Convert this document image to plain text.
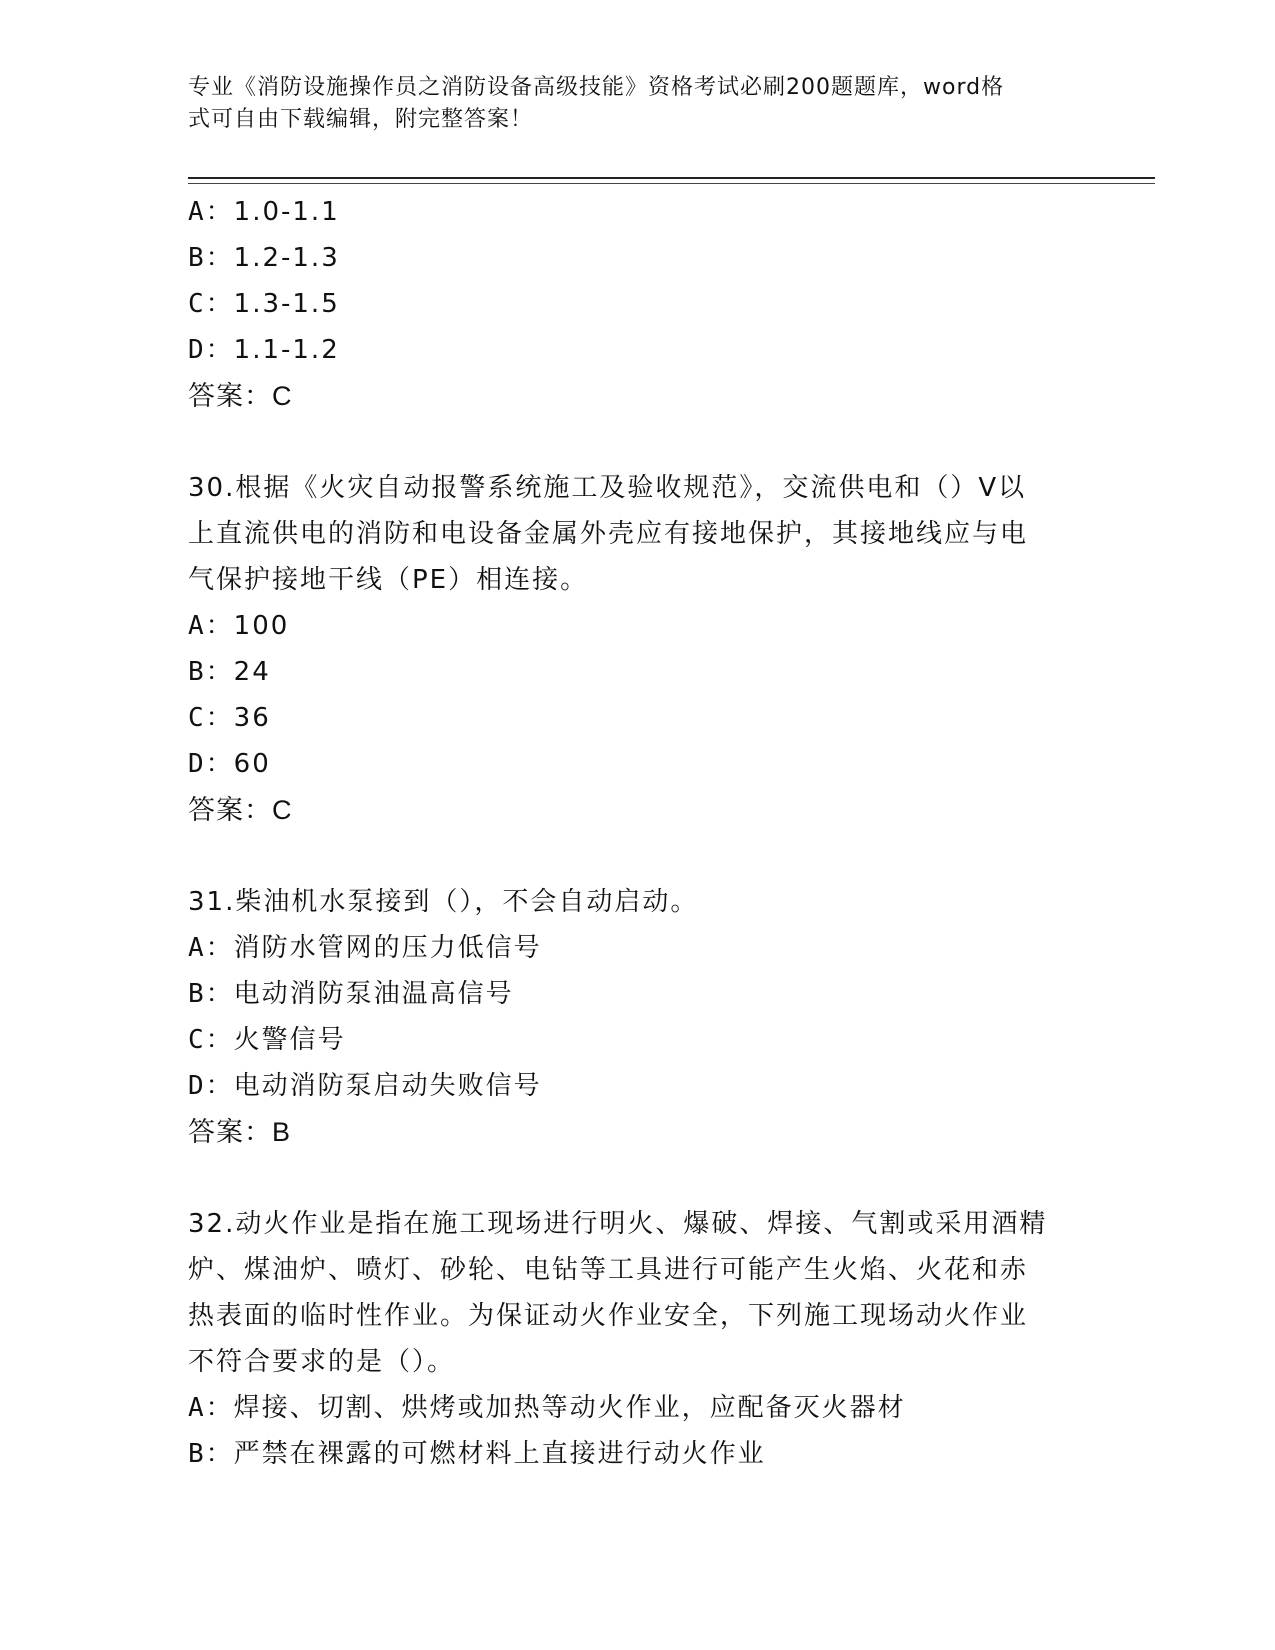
专业《消防设施操作员之消防设备高级技能》资格考试必刷200题题库，word格
式可自由下载编辑，附完整答案！
A：1.0-1.1
B：1.2-1.3
C：1.3-1.5
D：1.1-1.2
答案：C
30.根据《火灾自动报警系统施工及验收规范》，交流供电和（）V以
上直流供电的消防和电设备金属外壳应有接地保护，其接地线应与电
气保护接地干线（PE）相连接。
A：100
B：24
C：36
D：60
答案：C
31.柴油机水泵接到（），不会自动启动。
A：消防水管网的压力低信号
B：电动消防泵油温高信号
C：火警信号
D：电动消防泵启动失败信号
答案：B
32.动火作业是指在施工现场进行明火、爆破、焊接、气割或采用酒精
炉、煤油炉、喷灯、砂轮、电钻等工具进行可能产生火焰、火花和赤
热表面的临时性作业。为保证动火作业安全，下列施工现场动火作业
不符合要求的是（）。
A：焊接、切割、烘烤或加热等动火作业，应配备灭火器材
B：严禁在裸露的可燃材料上直接进行动火作业
